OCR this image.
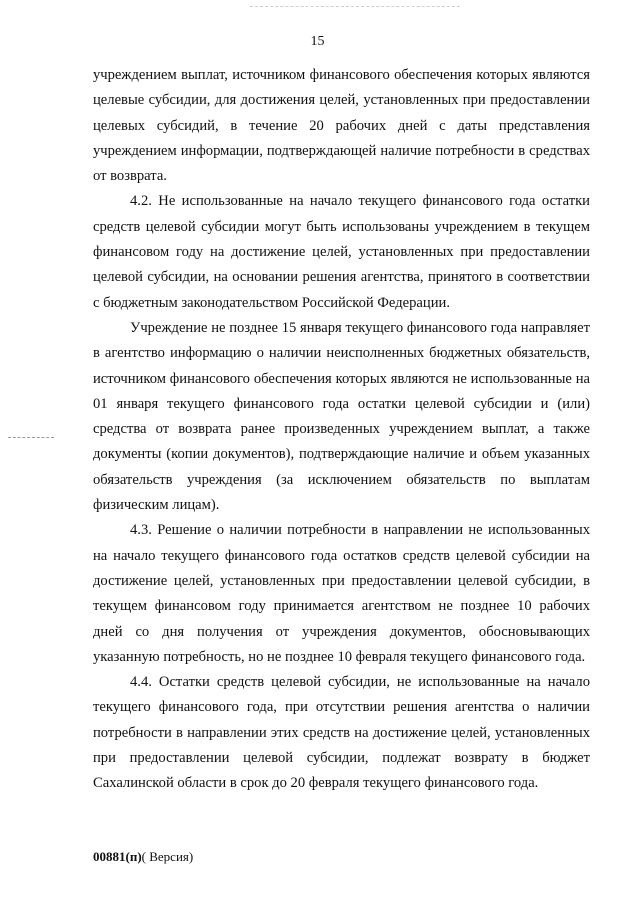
15

учреждением выплат, источником финансового обеспечения которых являются целевые субсидии, для достижения целей, установленных при предоставлении целевых субсидий, в течение 20 рабочих дней с даты представления учреждением информации, подтверждающей наличие потребности в средствах от возврата.

4.2. Не использованные на начало текущего финансового года остатки средств целевой субсидии могут быть использованы учреждением в текущем финансовом году на достижение целей, установленных при предоставлении целевой субсидии, на основании решения агентства, принятого в соответствии с бюджетным законодательством Российской Федерации.

Учреждение не позднее 15 января текущего финансового года направляет в агентство информацию о наличии неисполненных бюджетных обязательств, источником финансового обеспечения которых являются не использованные на 01 января текущего финансового года остатки целевой субсидии и (или) средства от возврата ранее произведенных учреждением выплат, а также документы (копии документов), подтверждающие наличие и объем указанных обязательств учреждения (за исключением обязательств по выплатам физическим лицам).

4.3. Решение о наличии потребности в направлении не использованных на начало текущего финансового года остатков средств целевой субсидии на достижение целей, установленных при предоставлении целевой субсидии, в текущем финансовом году принимается агентством не позднее 10 рабочих дней со дня получения от учреждения документов, обосновывающих указанную потребность, но не позднее 10 февраля текущего финансового года.

4.4. Остатки средств целевой субсидии, не использованные на начало текущего финансового года, при отсутствии решения агентства о наличии потребности в направлении этих средств на достижение целей, установленных при предоставлении целевой субсидии, подлежат возврату в бюджет Сахалинской области в срок до 20 февраля текущего финансового года.

00881(п)( Версия)
